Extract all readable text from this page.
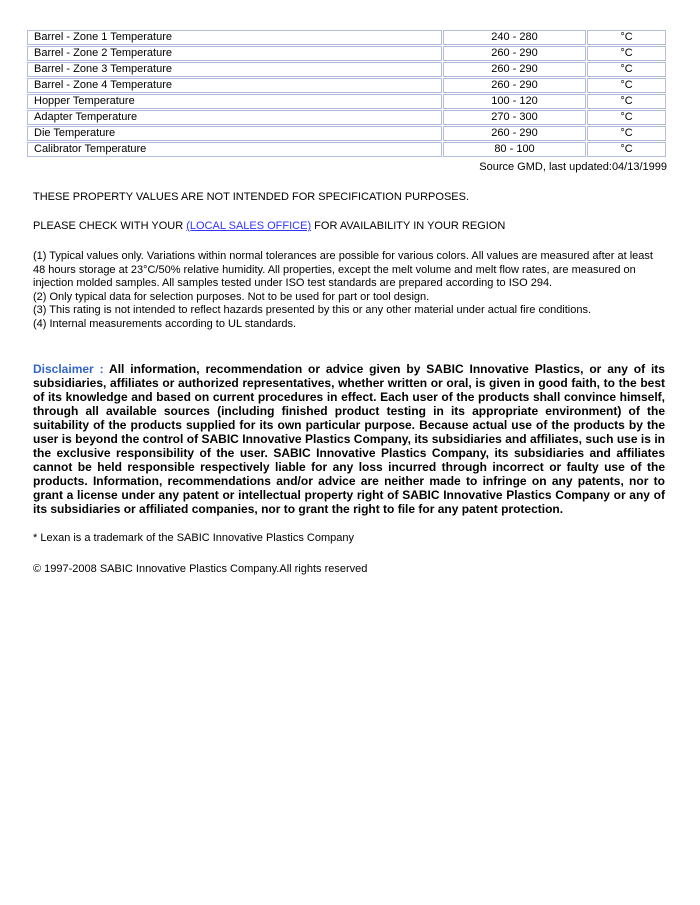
Barrel - Zone 1 Temperature	240 - 280	°C
Barrel - Zone 2 Temperature	260 - 290	°C
Barrel - Zone 3 Temperature	260 - 290	°C
Barrel - Zone 4 Temperature	260 - 290	°C
Hopper Temperature	100 - 120	°C
Adapter Temperature	270 - 300	°C
Die Temperature	260 - 290	°C
Calibrator Temperature	80 - 100	°C
Source GMD, last updated:04/13/1999
THESE PROPERTY VALUES ARE NOT INTENDED FOR SPECIFICATION PURPOSES.
PLEASE CHECK WITH YOUR (LOCAL SALES OFFICE) FOR AVAILABILITY IN YOUR REGION
(1) Typical values only. Variations within normal tolerances are possible for various colors. All values are measured after at least 48 hours storage at 23°C/50% relative humidity. All properties, except the melt volume and melt flow rates, are measured on injection molded samples. All samples tested under ISO test standards are prepared according to ISO 294.
(2) Only typical data for selection purposes. Not to be used for part or tool design.
(3) This rating is not intended to reflect hazards presented by this or any other material under actual fire conditions.
(4) Internal measurements according to UL standards.
Disclaimer : All information, recommendation or advice given by SABIC Innovative Plastics, or any of its subsidiaries, affiliates or authorized representatives, whether written or oral, is given in good faith, to the best of its knowledge and based on current procedures in effect. Each user of the products shall convince himself, through all available sources (including finished product testing in its appropriate environment) of the suitability of the products supplied for its own particular purpose. Because actual use of the products by the user is beyond the control of SABIC Innovative Plastics Company, its subsidiaries and affiliates, such use is in the exclusive responsibility of the user. SABIC Innovative Plastics Company, its subsidiaries and affiliates cannot be held responsible respectively liable for any loss incurred through incorrect or faulty use of the products. Information, recommendations and/or advice are neither made to infringe on any patents, nor to grant a license under any patent or intellectual property right of SABIC Innovative Plastics Company or any of its subsidiaries or affiliated companies, nor to grant the right to file for any patent protection.
* Lexan is a trademark of the SABIC Innovative Plastics Company
© 1997-2008 SABIC Innovative Plastics Company.All rights reserved
